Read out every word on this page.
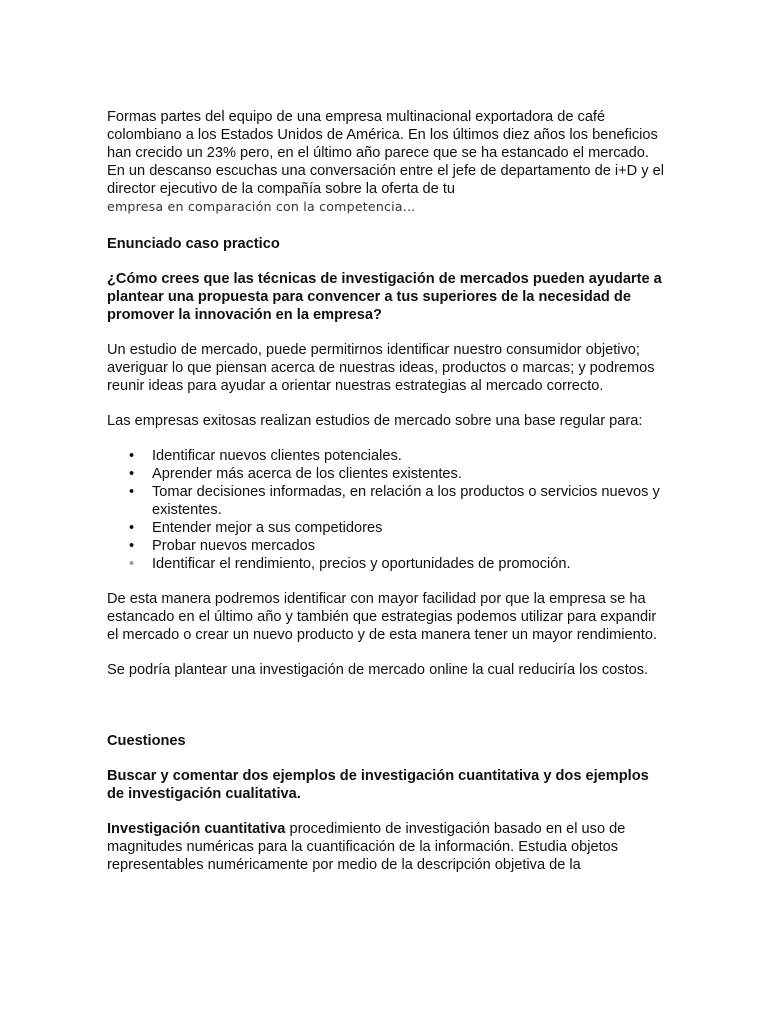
Formas partes del equipo de una empresa multinacional exportadora de café colombiano a los Estados Unidos de América. En los últimos diez años los beneficios han crecido un 23% pero, en el último año parece que se ha estancado el mercado. En un descanso escuchas una conversación entre el jefe de departamento de i+D y el director ejecutivo de la compañía sobre la oferta de tu
empresa en comparación con la competencia...

Enunciado caso practico

¿Cómo crees que las técnicas de investigación de mercados pueden ayudarte a plantear una propuesta para convencer a tus superiores de la necesidad de promover la innovación en la empresa?

Un estudio de mercado, puede permitirnos identificar nuestro consumidor objetivo; averiguar lo que piensan acerca de nuestras ideas, productos o marcas; y podremos reunir ideas para ayudar a orientar nuestras estrategias al mercado correcto.

Las empresas exitosas realizan estudios de mercado sobre una base regular para:

• Identificar nuevos clientes potenciales.
• Aprender más acerca de los clientes existentes.
• Tomar decisiones informadas, en relación a los productos o servicios nuevos y existentes.
• Entender mejor a sus competidores
• Probar nuevos mercados
• Identificar el rendimiento, precios y oportunidades de promoción.

De esta manera podremos identificar con mayor facilidad por que la empresa se ha estancado en el último año y también que estrategias podemos utilizar para expandir el mercado o crear un nuevo producto y de esta manera tener un mayor rendimiento.

Se podría plantear una investigación de mercado online la cual reduciría los costos.

Cuestiones

Buscar y comentar dos ejemplos de investigación cuantitativa y dos ejemplos de investigación cualitativa.

Investigación cuantitativa procedimiento de investigación basado en el uso de magnitudes numéricas para la cuantificación de la información. Estudia objetos representables numéricamente por medio de la descripción objetiva de la
